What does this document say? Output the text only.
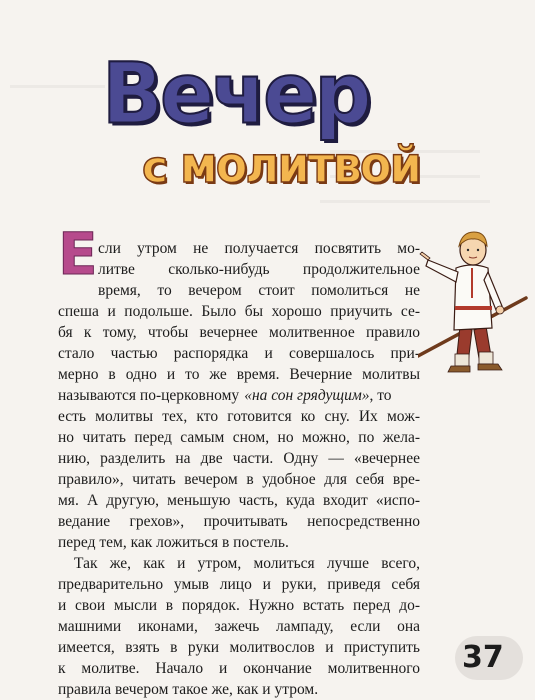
Вечер
с молитвой
Е сли утром не получается посвятить мо-
литве сколько-нибудь продолжительное
время, то вечером стоит помолиться не
спеша и подольше. Было бы хорошо приучить се-
бя к тому, чтобы вечернее молитвенное правило
стало частью распорядка и совершалось при-
мерно в одно и то же время. Вечерние молитвы
называются по-церковному «на сон грядущим», то
есть молитвы тех, кто готовится ко сну. Их мож-
но читать перед самым сном, но можно, по жела-
нию, разделить на две части. Одну — «вечернее
правило», читать вечером в удобное для себя вре-
мя. А другую, меньшую часть, куда входит «испо-
ведание грехов», прочитывать непосредственно
перед тем, как ложиться в постель.
Так же, как и утром, молиться лучше всего,
предварительно умыв лицо и руки, приведя себя
и свои мысли в порядок. Нужно встать перед до-
машними иконами, зажечь лампаду, если она
имеется, взять в руки молитвослов и приступить
к молитве. Начало и окончание молитвенного
правила вечером такое же, как и утром.
37
